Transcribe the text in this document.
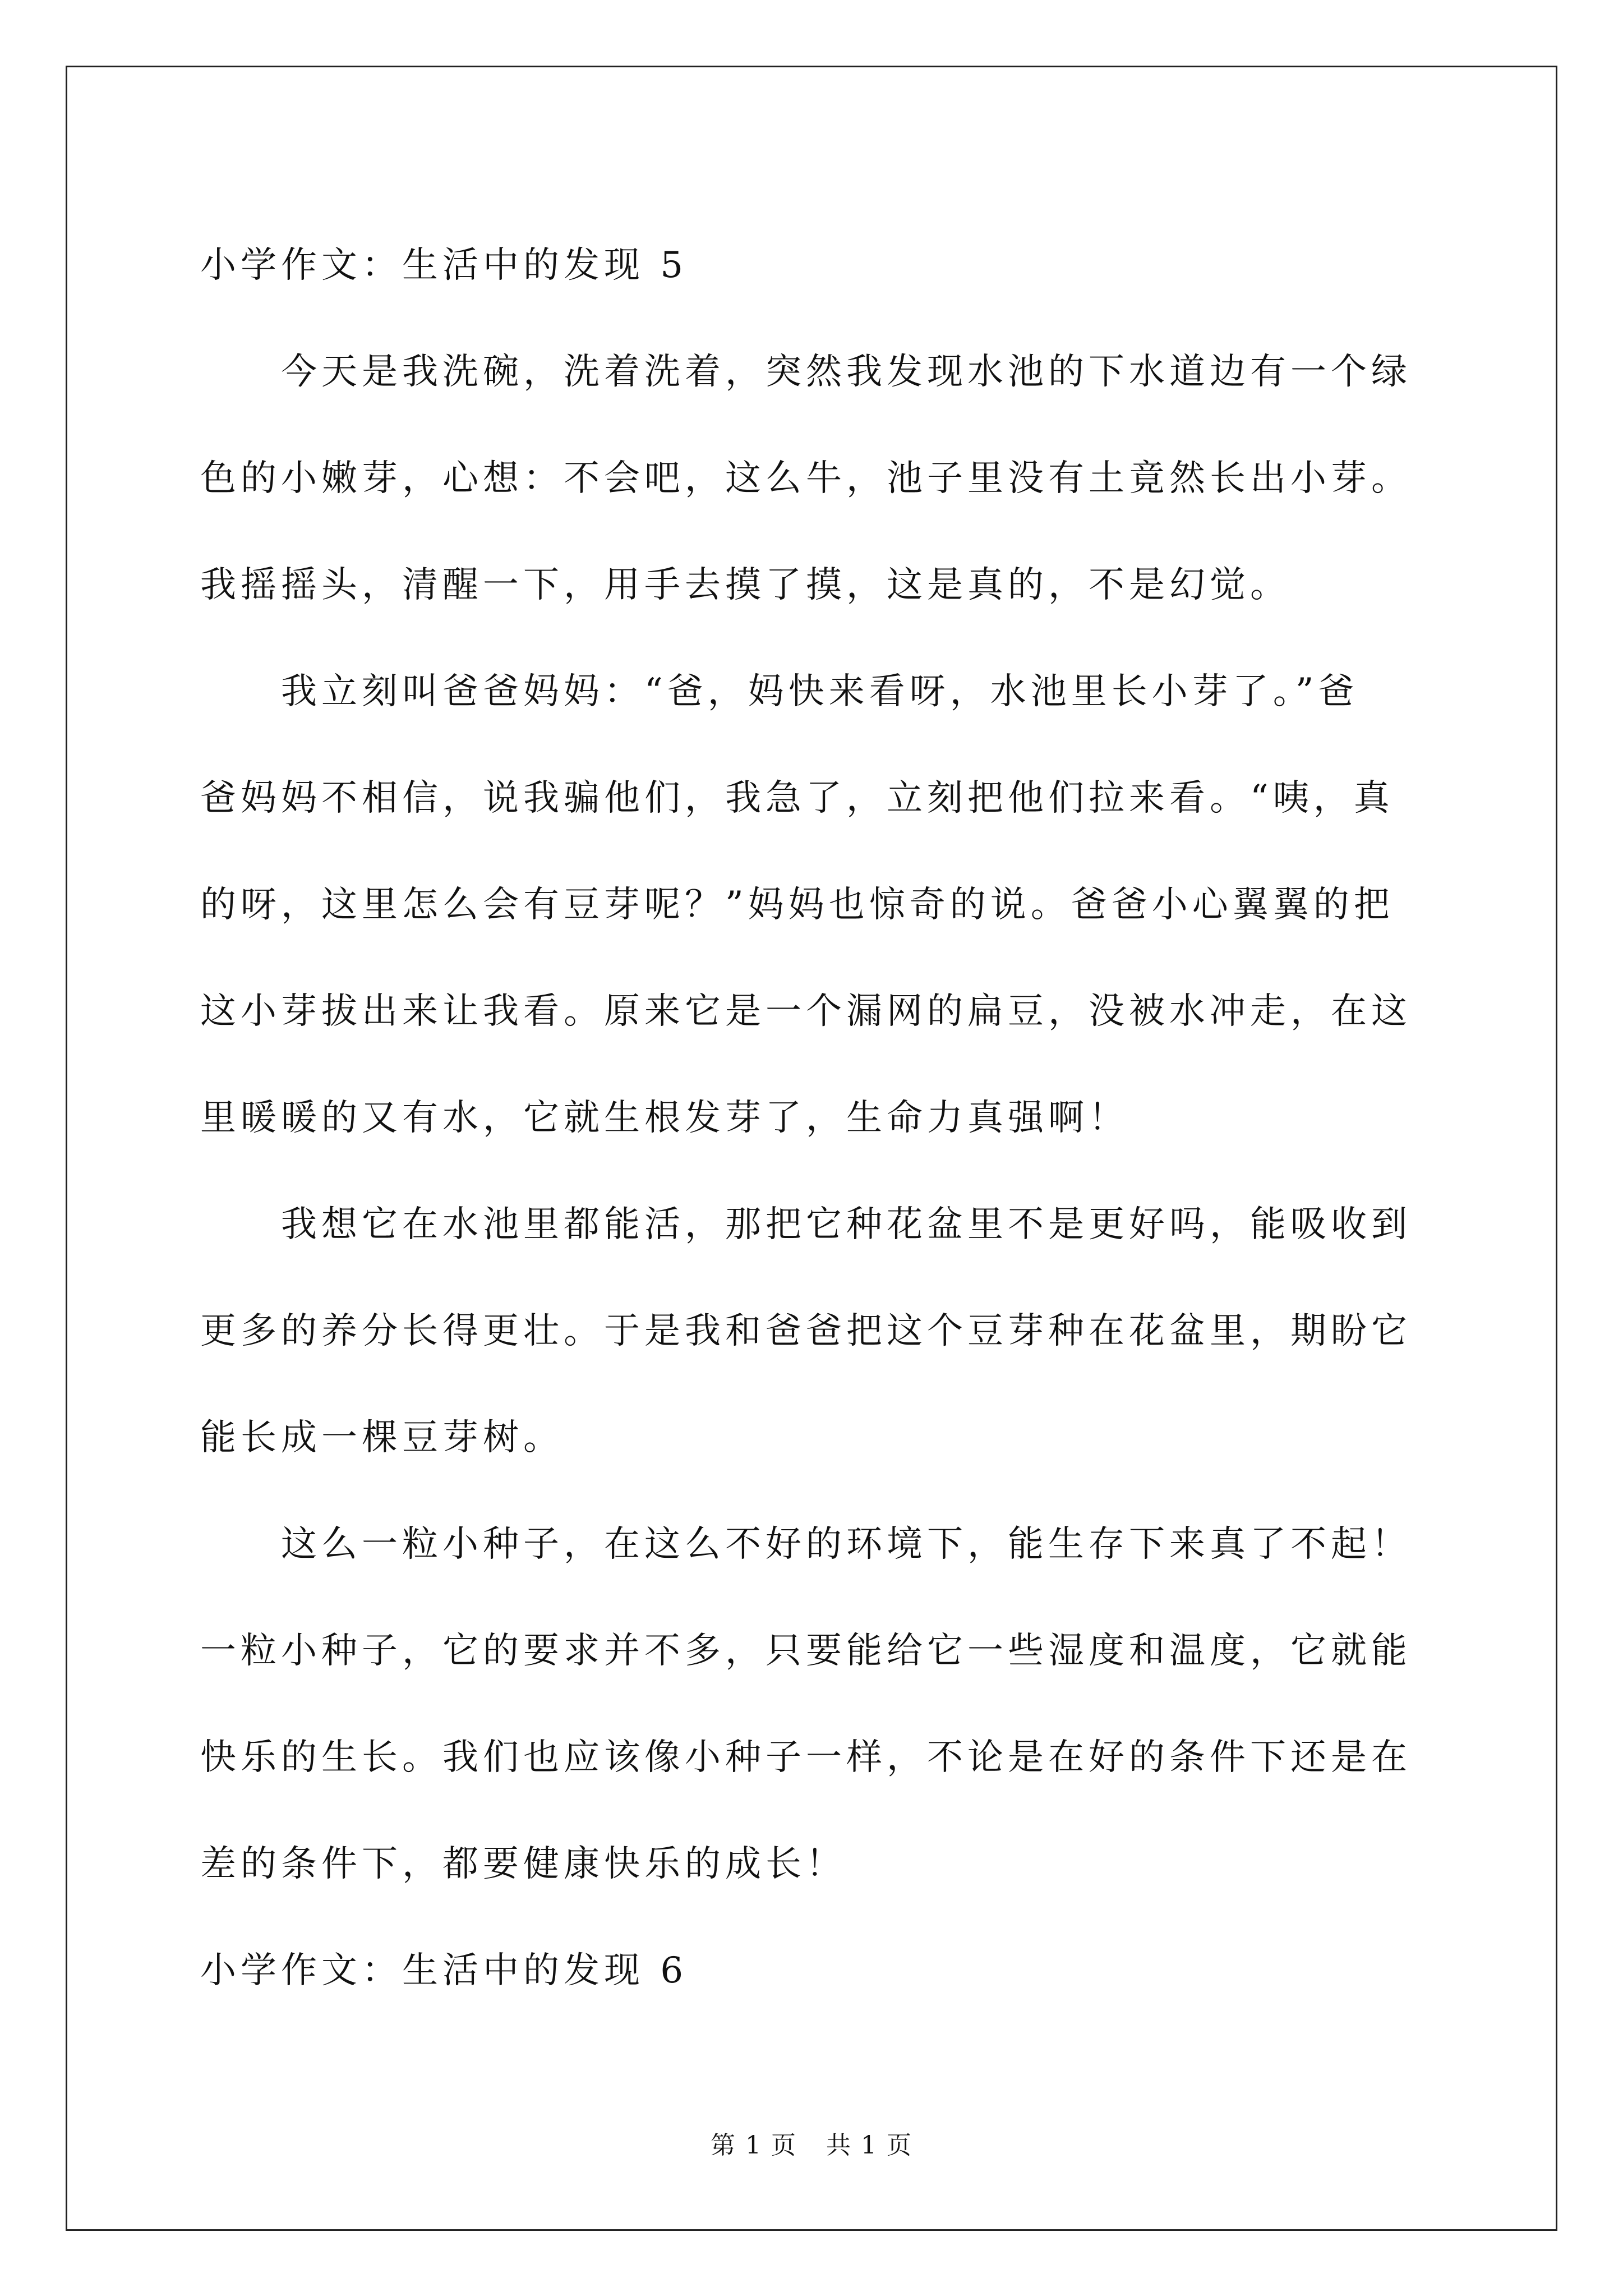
小学作文：生活中的发现 5
今天是我洗碗，洗着洗着，突然我发现水池的下水道边有一个绿
色的小嫩芽，心想：不会吧，这么牛，池子里没有土竟然长出小芽。
我摇摇头，清醒一下，用手去摸了摸，这是真的，不是幻觉。
我立刻叫爸爸妈妈：“爸，妈快来看呀，水池里长小芽了。”爸
爸妈妈不相信，说我骗他们，我急了，立刻把他们拉来看。“咦，真
的呀，这里怎么会有豆芽呢？”妈妈也惊奇的说。爸爸小心翼翼的把
这小芽拔出来让我看。原来它是一个漏网的扁豆，没被水冲走，在这
里暖暖的又有水，它就生根发芽了，生命力真强啊！
我想它在水池里都能活，那把它种花盆里不是更好吗，能吸收到
更多的养分长得更壮。于是我和爸爸把这个豆芽种在花盆里，期盼它
能长成一棵豆芽树。
这么一粒小种子，在这么不好的环境下，能生存下来真了不起！
一粒小种子，它的要求并不多，只要能给它一些湿度和温度，它就能
快乐的生长。我们也应该像小种子一样，不论是在好的条件下还是在
差的条件下，都要健康快乐的成长！
小学作文：生活中的发现 6
第 1 页 共 1 页
